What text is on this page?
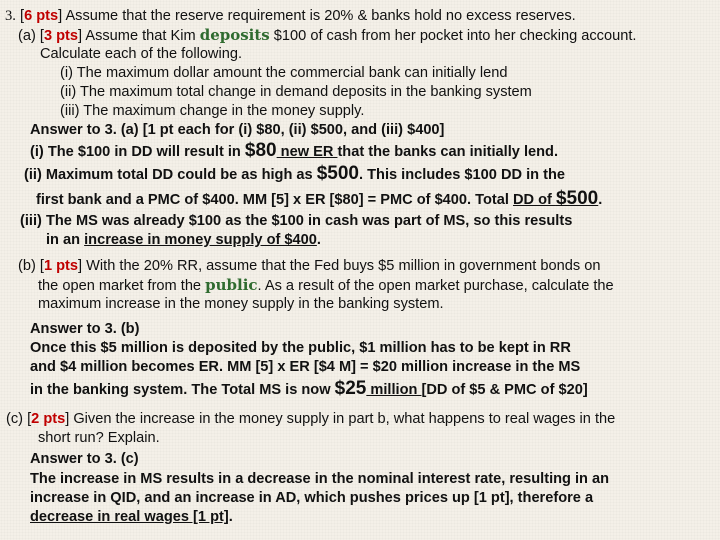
3. [6 pts] Assume that the reserve requirement is 20% & banks hold no excess reserves.
(a) [3 pts] Assume that Kim deposits $100 of cash from her pocket into her checking account.
Calculate each of the following.
(i) The maximum dollar amount the commercial bank can initially lend
(ii) The maximum total change in demand deposits in the banking system
(iii) The maximum change in the money supply.
Answer to 3. (a) [1 pt each for (i) $80, (ii) $500, and (iii) $400]
(i) The $100 in DD will result in $80 new ER that the banks can initially lend.
(ii) Maximum total DD could be as high as $500. This includes $100 DD in the
first bank and a PMC of $400. MM [5] x ER [$80] = PMC of $400. Total DD of $500.
(iii) The MS was already $100 as the $100 in cash was part of MS, so this results
in an increase in money supply of $400.
(b) [1 pts] With the 20% RR, assume that the Fed buys $5 million in government bonds on
the open market from the public. As a result of the open market purchase, calculate the
maximum increase in the money supply in the banking system.
Answer to 3. (b)
Once this $5 million is deposited by the public, $1 million has to be kept in RR
and $4 million becomes ER. MM [5] x ER [$4 M] = $20 million increase in the MS
in the banking system. The Total MS is now $25 million [DD of $5 & PMC of $20]
(c) [2 pts] Given the increase in the money supply in part b, what happens to real wages in the
short run? Explain.
Answer to 3. (c)
The increase in MS results in a decrease in the nominal interest rate, resulting in an
increase in QID, and an increase in AD, which pushes prices up [1 pt], therefore a
decrease in real wages [1 pt].
